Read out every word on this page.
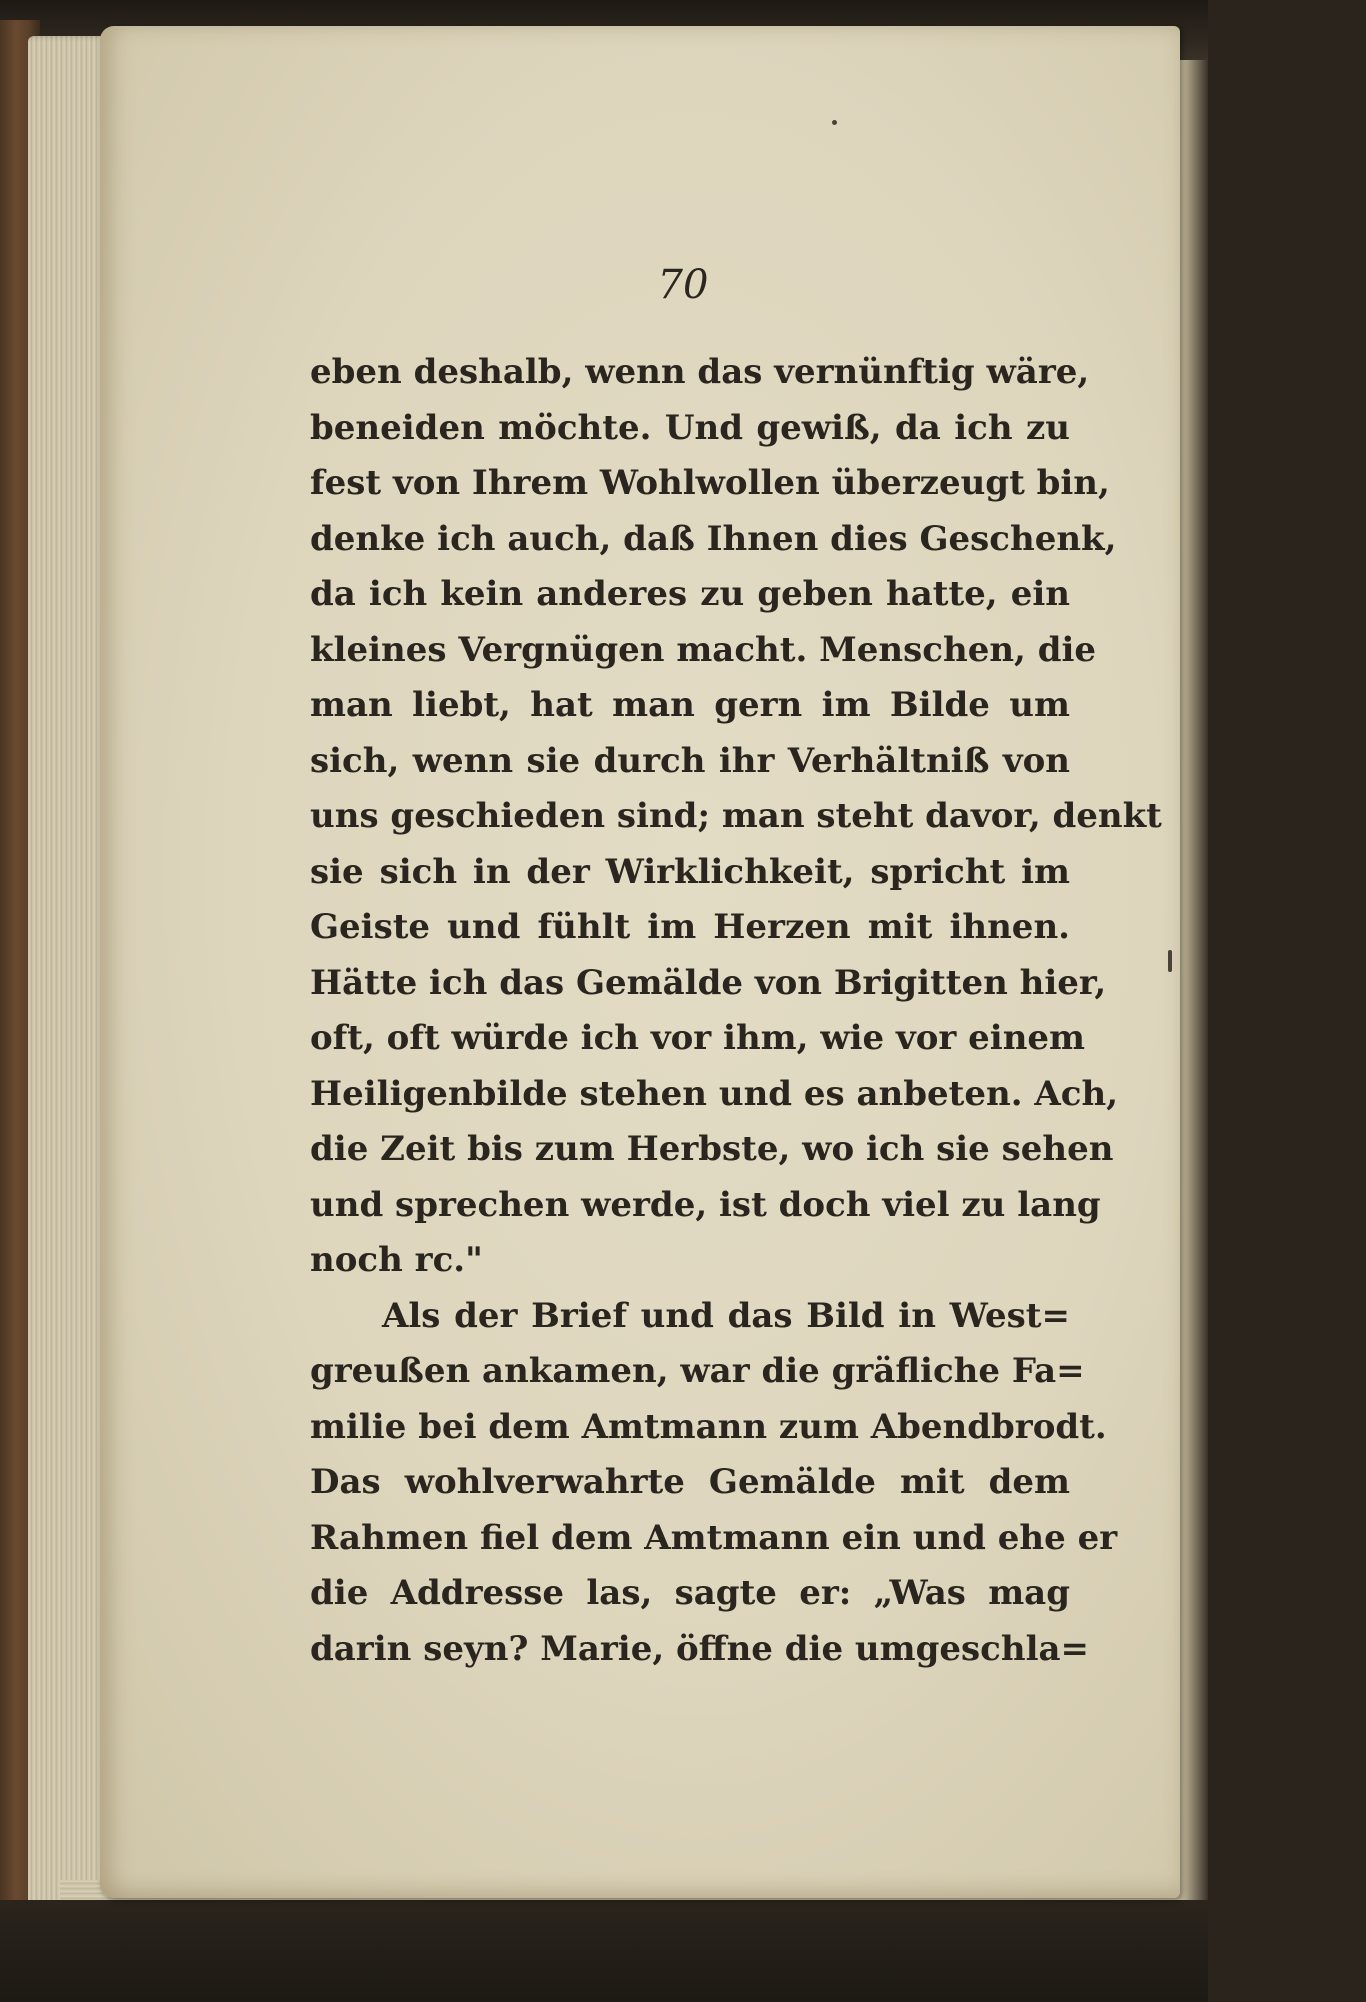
70
eben deshalb, wenn das vernünftig wäre,
beneiden möchte. Und gewiß, da ich zu
fest von Ihrem Wohlwollen überzeugt bin,
denke ich auch, daß Ihnen dies Geschenk,
da ich kein anderes zu geben hatte, ein
kleines Vergnügen macht. Menschen, die
man liebt, hat man gern im Bilde um
sich, wenn sie durch ihr Verhältniß von
uns geschieden sind; man steht davor, denkt
sie sich in der Wirklichkeit, spricht im
Geiste und fühlt im Herzen mit ihnen.
Hätte ich das Gemälde von Brigitten hier,
oft, oft würde ich vor ihm, wie vor einem
Heiligenbilde stehen und es anbeten. Ach,
die Zeit bis zum Herbste, wo ich sie sehen
und sprechen werde, ist doch viel zu lang
noch rc."
Als der Brief und das Bild in West=
greußen ankamen, war die gräfliche Fa=
milie bei dem Amtmann zum Abendbrodt.
Das wohlverwahrte Gemälde mit dem
Rahmen fiel dem Amtmann ein und ehe er
die Addresse las, sagte er: „Was mag
darin seyn? Marie, öffne die umgeschla=
